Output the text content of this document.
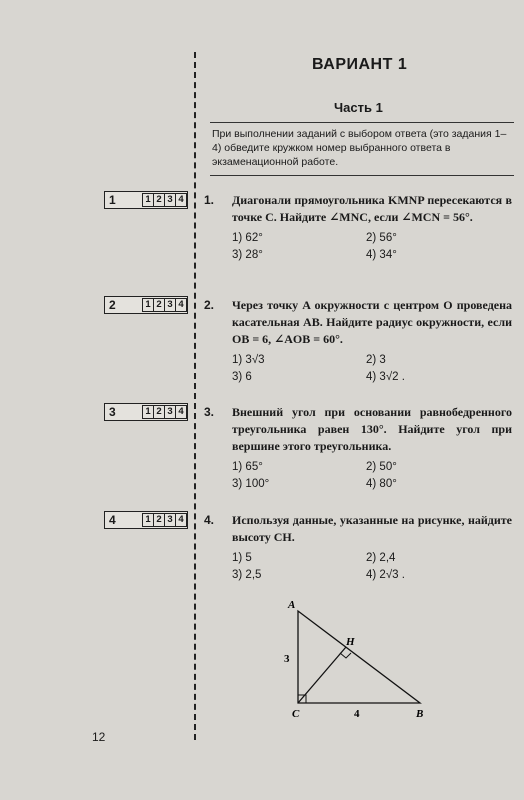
ВАРИАНТ 1
Часть 1
При выполнении заданий с выбором ответа (это задания 1–4) обведите кружком номер выбранного ответа в экзаменационной работе.
1	1 2 3 4
2	1 2 3 4
3	1 2 3 4
4	1 2 3 4
1. Диагонали прямоугольника KMNP пересекаются в точке C. Найдите ∠MNC, если ∠MCN = 56°.
1) 62°	2) 56°
3) 28°	4) 34°
2. Через точку A окружности с центром O проведена касательная AB. Найдите радиус окружности, если OB = 6, ∠AOB = 60°.
1) 3√3	2) 3
3) 6	4) 3√2 .
3. Внешний угол при основании равнобедренного треугольника равен 130°. Найдите угол при вершине этого треугольника.
1) 65°	2) 50°
3) 100°	4) 80°
4. Используя данные, указанные на рисунке, найдите высоту CH.
1) 5	2) 2,4
3) 2,5	4) 2√3 .
A
H
C	B
3
4
12
